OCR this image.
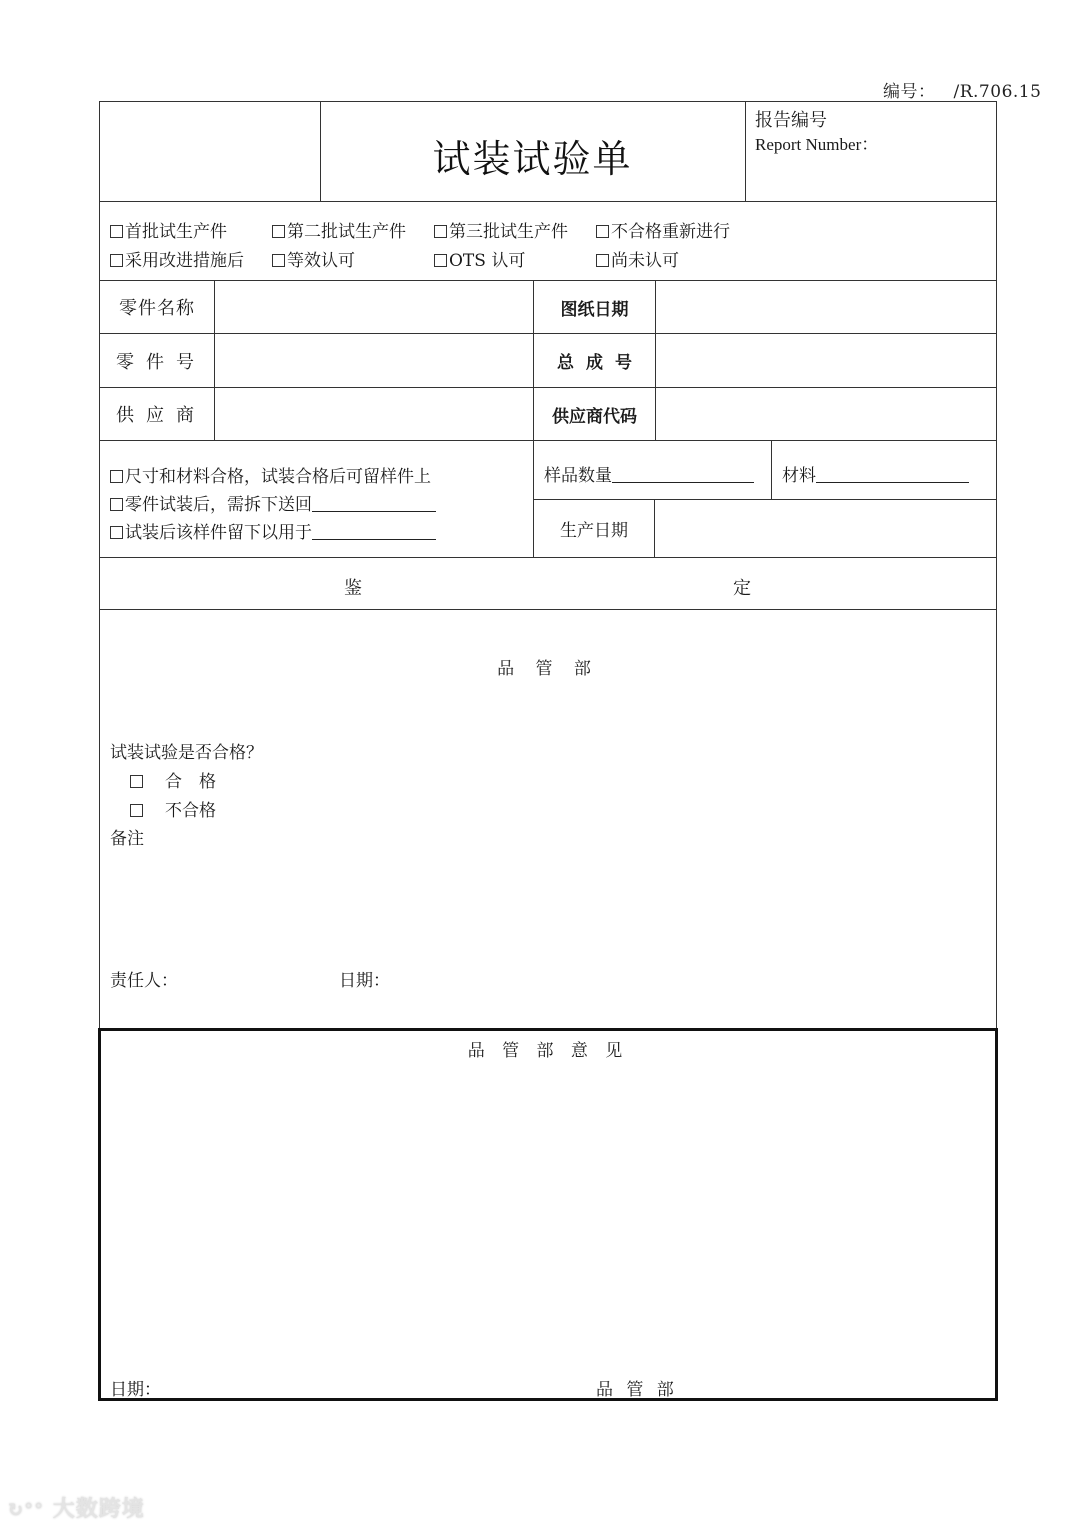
编号： /R.706.15
试装试验单
报告编号
Report Number：
首批试生产件	第二批试生产件	第三批试生产件	不合格重新进行
采用改进措施后	等效认可	OTS 认可	尚未认可
零件名称	图纸日期
零件号	总成号
供应商	供应商代码
尺寸和材料合格，试装合格后可留样件上
零件试装后，需拆下送回
试装后该样件留下以用于
样品数量	材料
生产日期
鉴	定
品 管 部
试装试验是否合格？
合　格
不合格
备注
责任人：	日期：
品 管 部 意 见
日期：	品 管 部
↻°° 大数跨境
